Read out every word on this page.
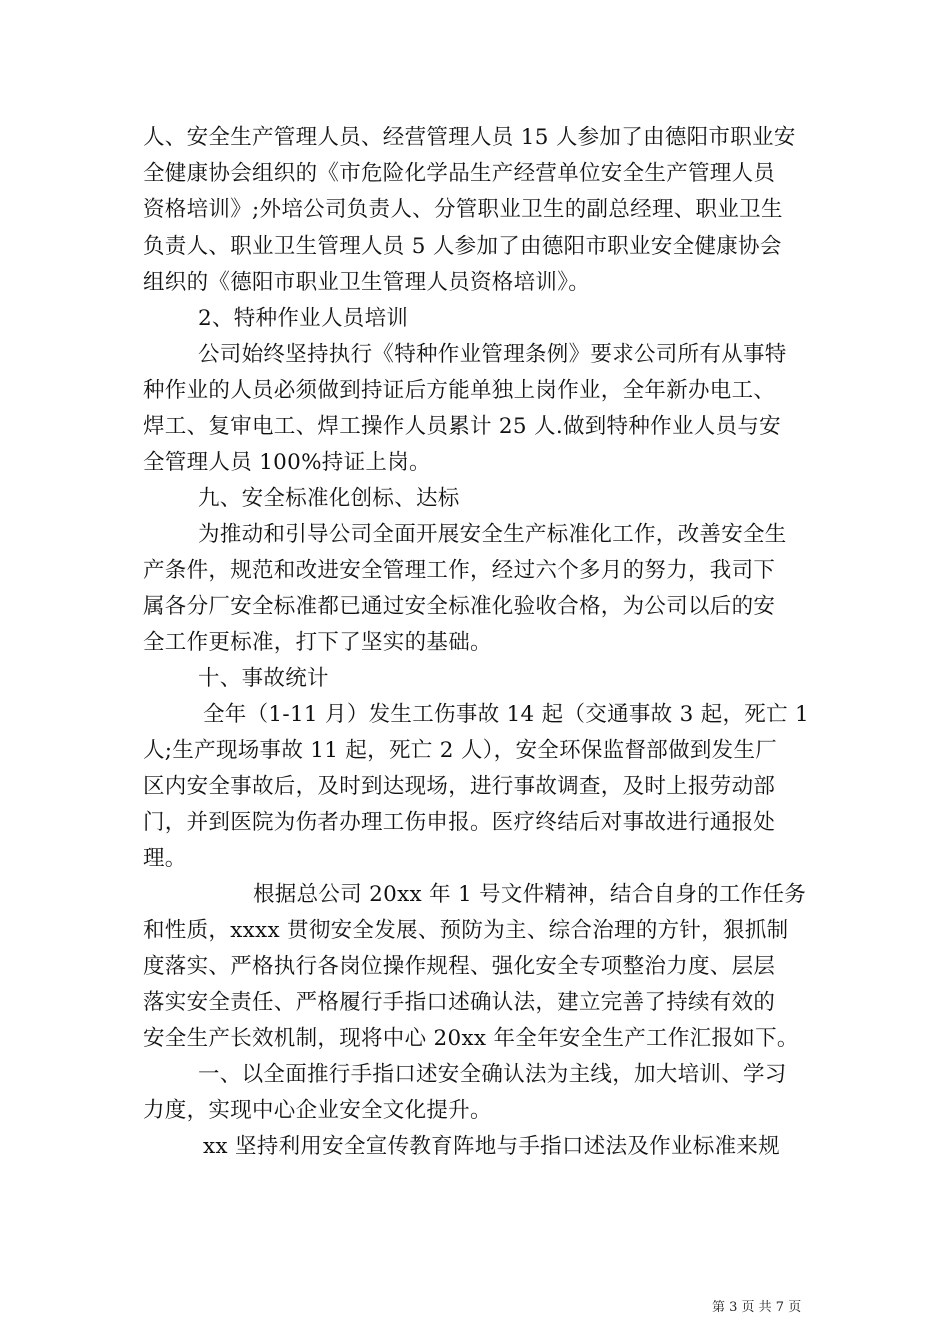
人、安全生产管理人员、经营管理人员 15 人参加了由德阳市职业安
全健康协会组织的《市危险化学品生产经营单位安全生产管理人员
资格培训》;外培公司负责人、分管职业卫生的副总经理、职业卫生
负责人、职业卫生管理人员 5 人参加了由德阳市职业安全健康协会
组织的《德阳市职业卫生管理人员资格培训》。
2、特种作业人员培训
公司始终坚持执行《特种作业管理条例》要求公司所有从事特
种作业的人员必须做到持证后方能单独上岗作业，全年新办电工、
焊工、复审电工、焊工操作人员累计 25 人.做到特种作业人员与安
全管理人员 100%持证上岗。
九、安全标准化创标、达标
为推动和引导公司全面开展安全生产标准化工作，改善安全生
产条件，规范和改进安全管理工作，经过六个多月的努力，我司下
属各分厂安全标准都已通过安全标准化验收合格，为公司以后的安
全工作更标准，打下了坚实的基础。
十、事故统计
全年（1-11 月）发生工伤事故 14 起（交通事故 3 起，死亡 1
人;生产现场事故 11 起，死亡 2 人），安全环保监督部做到发生厂
区内安全事故后，及时到达现场，进行事故调查，及时上报劳动部
门，并到医院为伤者办理工伤申报。医疗终结后对事故进行通报处
理。
根据总公司 20xx 年 1 号文件精神，结合自身的工作任务
和性质，xxxx 贯彻安全发展、预防为主、综合治理的方针，狠抓制
度落实、严格执行各岗位操作规程、强化安全专项整治力度、层层
落实安全责任、严格履行手指口述确认法，建立完善了持续有效的
安全生产长效机制，现将中心 20xx 年全年安全生产工作汇报如下。
一、以全面推行手指口述安全确认法为主线，加大培训、学习
力度，实现中心企业安全文化提升。
xx 坚持利用安全宣传教育阵地与手指口述法及作业标准来规
第 3 页 共 7 页
